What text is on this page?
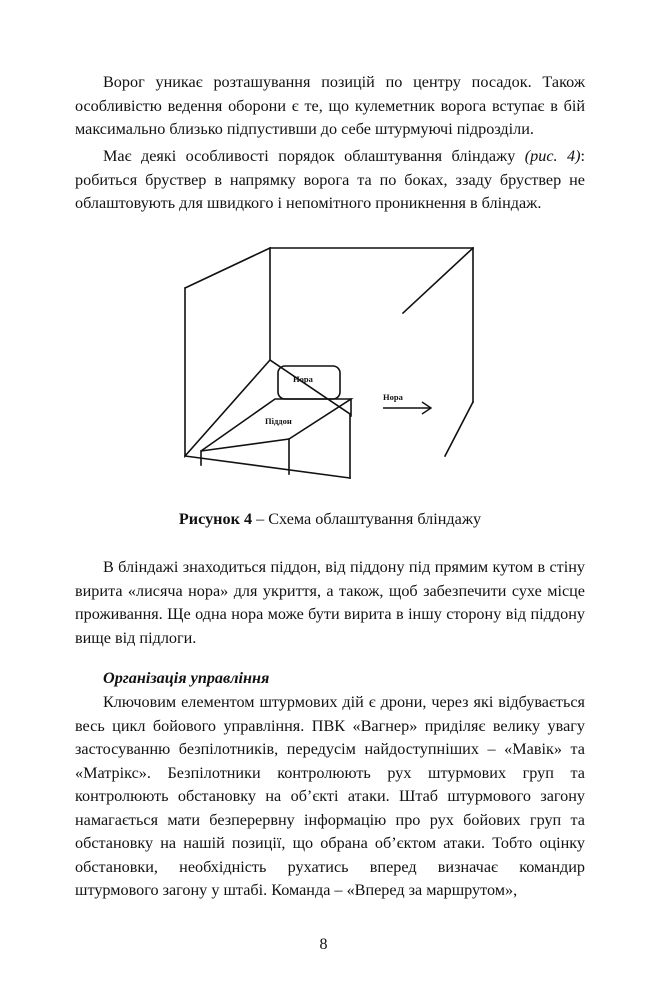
Ворог уникає розташування позицій по центру посадок. Також особливістю ведення оборони є те, що кулеметник ворога вступає в бій максимально близько підпустивши до себе штурмуючі підрозділи.

Має деякі особливості порядок облаштування бліндажу (рис. 4): робиться бруствер в напрямку ворога та по боках, ззаду бруствер не облаштовують для швидкого і непомітного проникнення в бліндаж.

Нора
Нора
Піддон
Рисунок 4 – Схема облаштування бліндажу

В бліндажі знаходиться піддон, від піддону під прямим кутом в стіну вирита «лисяча нора» для укриття, а також, щоб забезпечити сухе місце проживання. Ще одна нора може бути вирита в іншу сторону від піддону вище від підлоги.

Організація управління

Ключовим елементом штурмових дій є дрони, через які відбувається весь цикл бойового управління. ПВК «Вагнер» приділяє велику увагу застосуванню безпілотників, передусім найдоступніших – «Мавік» та «Матрікс». Безпілотники контролюють рух штурмових груп та контролюють обстановку на об’єкті атаки. Штаб штурмового загону намагається мати безперервну інформацію про рух бойових груп та обстановку на нашій позиції, що обрана об’єктом атаки. Тобто оцінку обстановки, необхідність рухатись вперед визначає командир штурмового загону у штабі. Команда – «Вперед за маршрутом»,

8
